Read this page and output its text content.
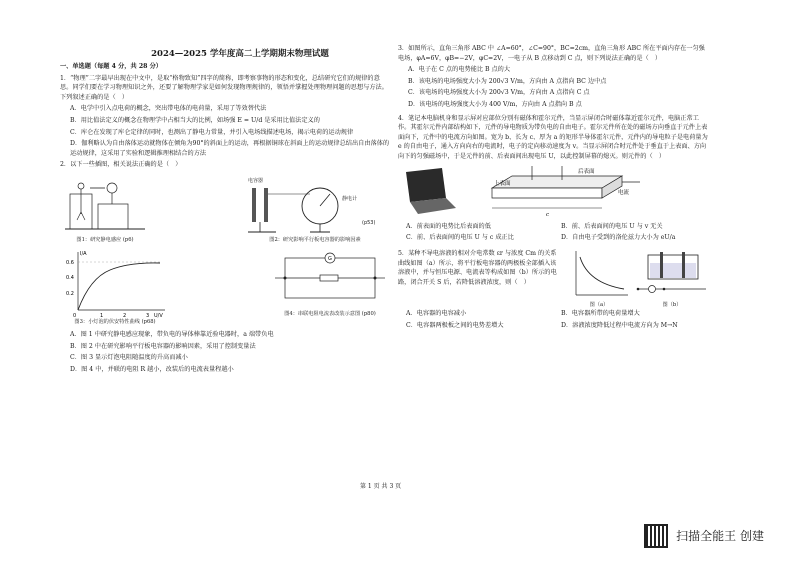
2024—2025 学年度高二上学期期末物理试题

一、单选题（每题 4 分，共 28 分）

1．“物理”二字最早出现在中文中，是取“格物致知”四字的简称，即考察事物的形态和变化，总结研究它们的规律的意思。同学们要在学习物理知识之外，还要了解物理学家是如何发现物理规律的，领悟并掌握处理物理问题的思想与方法。下列叙述正确的是（　）

A．电学中引入点电荷的概念，突出带电体的电荷量，采用了等效替代法

B．用比值法定义的概念在物理学中占相当大的比例，如场强 E = U/d 是采用比值法定义的

C．库仑在发现了库仑定律的同时，也测出了静电力常量，并引入电场线描述电场，揭示电荷的运动规律

D．伽利略认为自由落体运动就物体在倾角为90°的斜面上的运动，再根据铜球在斜面上的运动规律总结出自由落体的运动规律，这采用了实验和逻辑推理相结合的方法

2．以下一些插图，相关说法正确的是（　）

图1：研究静电感应 (p6)
电容器
静电计
(p53)
图2：研究影响平行板电容器的影响因素
I/A
U/V
0.6
0.4
0.2
0	1	2	3
图3：小灯泡的伏安特性曲线 (p68)
G
图4：串联电阻电流表改装示意图 (p80)

A．图 1 中研究静电感应现象，带负电的导体棒靠近验电器时，a 端带负电

B．图 2 中在研究影响平行板电容器的影响因素，采用了控制变量法

C．图 3 显示灯泡电阻随温度的升高而减小

D．图 4 中，并联的电阻 R 越小，改装后的电流表量程越小

3．如图所示，直角三角形 ABC 中 ∠A=60°，∠C=90°，BC=2cm，直角三角形 ABC 所在平面内存在一匀强电场，φA=6V，φB=−2V，φC=2V，一电子从 B 点移动到 C 点，则下列说法正确的是（　）

A．电子在 C 点的电势能比 B 点的大

B．该电场的电场强度大小为 200√3 V/m，方向由 A 点指向 BC 边中点

C．该电场的电场强度大小为 200√3 V/m，方向由 A 点指向 C 点

D．该电场的电场强度大小为 400 V/m，方向由 A 点指向 B 点

4．笔记本电脑机身和显示屏对应部位分别有磁体和霍尔元件，当显示屏闭合时磁体靠近霍尔元件，电脑正常工作。其霍尔元件内部结构如下，元件的导电物质为带负电的自由电子。霍尔元件所在处的磁场方向垂直于元件上表面向下，元件中的电流方向如图。宽为 b、长为 c、厚为 a 的矩形半导体霍尔元件，元件内的导电粒子是电荷量为 e 的自由电子，通入方向向右的电流时，电子的定向移动速度为 v。当显示屏闭合时元件处于垂直于上表面、方向向下的匀强磁场中，于是元件的前、后表面间出现电压 U，以此控制屏幕的熄灭。则元件的（　）

后表面
上表面
电流
c

A．前表面的电势比后表面的低	B．前、后表面间的电压 U 与 v 无关

C．前、后表面间的电压 U 与 c 成正比	D．自由电子受到的洛伦兹力大小为 eU/a

5．某种不导电溶液的相对介电常数 εr 与浓度 Cm 的关系曲线如图（a）所示，将平行板电容器的两极板全部插入该溶液中，并与恒压电源、电流表等构成如图（b）所示的电路，闭合开关 S 后，若降低溶液浓度，则（　）

图（a）	图（b）

A．电容器的电容减小	B．电容器所带的电荷量增大

C．电容器两极板之间的电势差增大	D．溶液浓度降低过程中电流方向为 M→N

第 1 页 共 3 页
扫描全能王 创建
